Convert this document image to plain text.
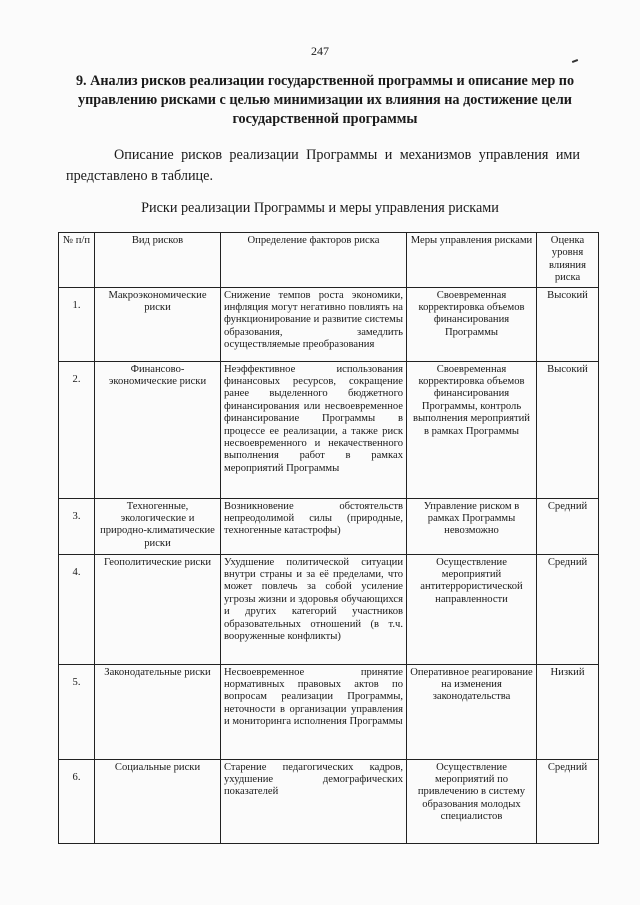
247
9. Анализ рисков реализации государственной программы и описание мер по управлению рисками с целью минимизации их влияния на достижение цели государственной программы
Описание рисков реализации Программы и механизмов управления ими представлено в таблице.
Риски реализации Программы и меры управления рисками
№ п/п	Вид рисков	Определение факторов риска	Меры управления рисками	Оценка уровня влияния риска

1.	Макроэкономические риски	Снижение темпов роста экономики, инфляция могут негативно повлиять на функционирование и развитие системы образования, замедлить осуществляемые преобразования	Своевременная корректировка объемов финансирования Программы	Высокий

2.	Финансово-экономические риски	Неэффективное использования финансовых ресурсов, сокращение ранее выделенного бюджетного финансирования или несвоевременное финансирование Программы в процессе ее реализации, а также риск несвоевременного и некачественного выполнения работ в рамках мероприятий Программы	Своевременная корректировка объемов финансирования Программы, контроль выполнения мероприятий в рамках Программы	Высокий

3.	Техногенные, экологические и природно-климатические риски	Возникновение обстоятельств непреодолимой силы (природные, техногенные катастрофы)	Управление риском в рамках Программы невозможно	Средний

4.	Геополитические риски	Ухудшение политической ситуации внутри страны и за её пределами, что может повлечь за собой усиление угрозы жизни и здоровья обучающихся и других категорий участников образовательных отношений (в т.ч. вооруженные конфликты)	Осуществление мероприятий антитеррористической направленности	Средний

5.	Законодательные риски	Несвоевременное принятие нормативных правовых актов по вопросам реализации Программы, неточности в организации управления и мониторинга исполнения Программы	Оперативное реагирование на изменения законодательства	Низкий

6.	Социальные риски	Старение педагогических кадров, ухудшение демографических показателей	Осуществление мероприятий по привлечению в систему образования молодых специалистов	Средний
